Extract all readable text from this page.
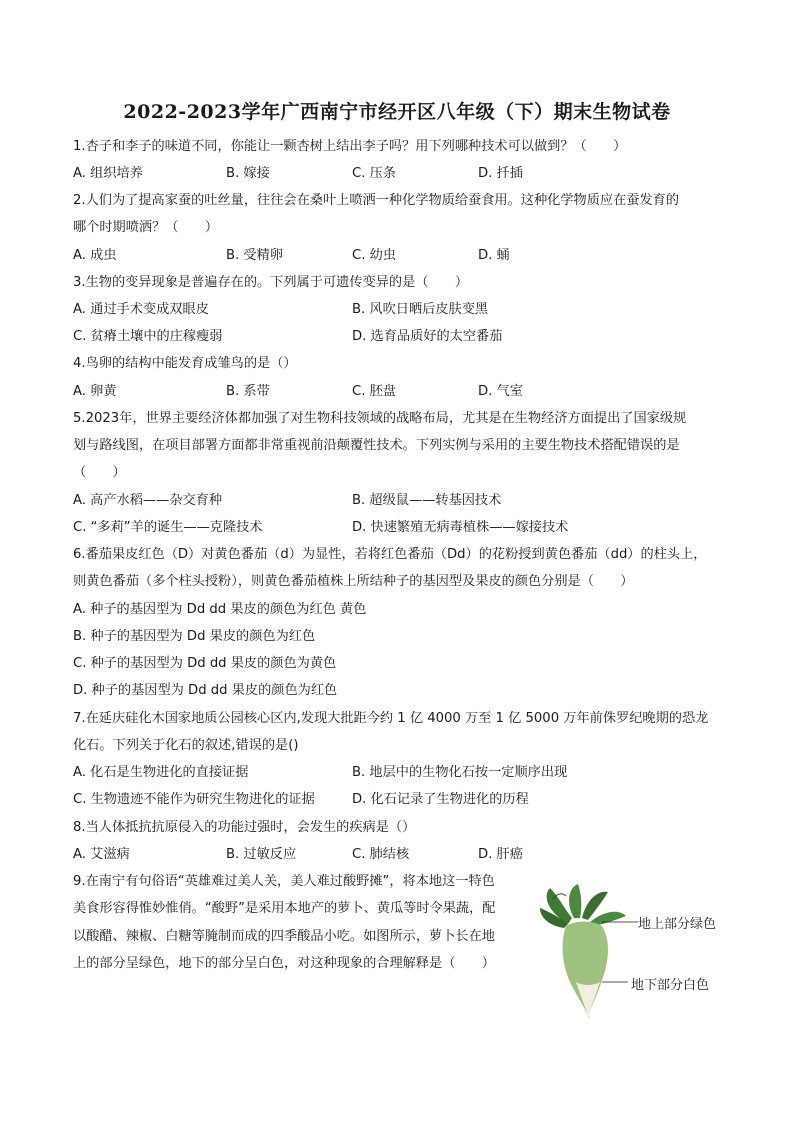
2022-2023学年广西南宁市经开区八年级（下）期末生物试卷
1.杏子和李子的味道不同，你能让一颗杏树上结出李子吗？用下列哪种技术可以做到？（　　）
A. 组织培养	B. 嫁接	C. 压条	D. 扦插
2.人们为了提高家蚕的吐丝量，往往会在桑叶上喷洒一种化学物质给蚕食用。这种化学物质应在蚕发育的
哪个时期喷洒？（　　）
A. 成虫	B. 受精卵	C. 幼虫	D. 蛹
3.生物的变异现象是普遍存在的。下列属于可遗传变异的是（　　）
A. 通过手术变成双眼皮	B. 风吹日晒后皮肤变黑
C. 贫瘠土壤中的庄稼瘦弱	D. 选育品质好的太空番茄
4.鸟卵的结构中能发育成雏鸟的是（）
A. 卵黄	B. 系带	C. 胚盘	D. 气室
5.2023年，世界主要经济体都加强了对生物科技领域的战略布局，尤其是在生物经济方面提出了国家级规
划与路线图，在项目部署方面都非常重视前沿颠覆性技术。下列实例与采用的主要生物技术搭配错误的是
（　　）
A. 高产水稻——杂交育种	B. 超级鼠——转基因技术
C. “多莉”羊的诞生——克隆技术	D. 快速繁殖无病毒植株——嫁接技术
6.番茄果皮红色（D）对黄色番茄（d）为显性，若将红色番茄（Dd）的花粉授到黄色番茄（dd）的柱头上，
则黄色番茄（多个柱头授粉），则黄色番茄植株上所结种子的基因型及果皮的颜色分别是（　　）
A. 种子的基因型为 Dd dd 果皮的颜色为红色 黄色
B. 种子的基因型为 Dd 果皮的颜色为红色
C. 种子的基因型为 Dd dd 果皮的颜色为黄色
D. 种子的基因型为 Dd dd 果皮的颜色为红色
7.在延庆硅化木国家地质公园核心区内,发现大批距今约 1 亿 4000 万至 1 亿 5000 万年前侏罗纪晚期的恐龙
化石。下列关于化石的叙述,错误的是()
A. 化石是生物进化的直接证据	B. 地层中的生物化石按一定顺序出现
C. 生物遗迹不能作为研究生物进化的证据	D. 化石记录了生物进化的历程
8.当人体抵抗抗原侵入的功能过强时，会发生的疾病是（）
A. 艾滋病	B. 过敏反应	C. 肺结核	D. 肝癌
9.在南宁有句俗语“英雄难过美人关，美人难过酸野摊”，将本地这一特色
美食形容得惟妙惟俏。“酸野”是采用本地产的萝卜、黄瓜等时令果蔬，配
以酸醋、辣椒、白糖等腌制而成的四季酸品小吃。如图所示，萝卜长在地
上的部分呈绿色，地下的部分呈白色，对这种现象的合理解释是（　　）
地上部分绿色
地下部分白色
